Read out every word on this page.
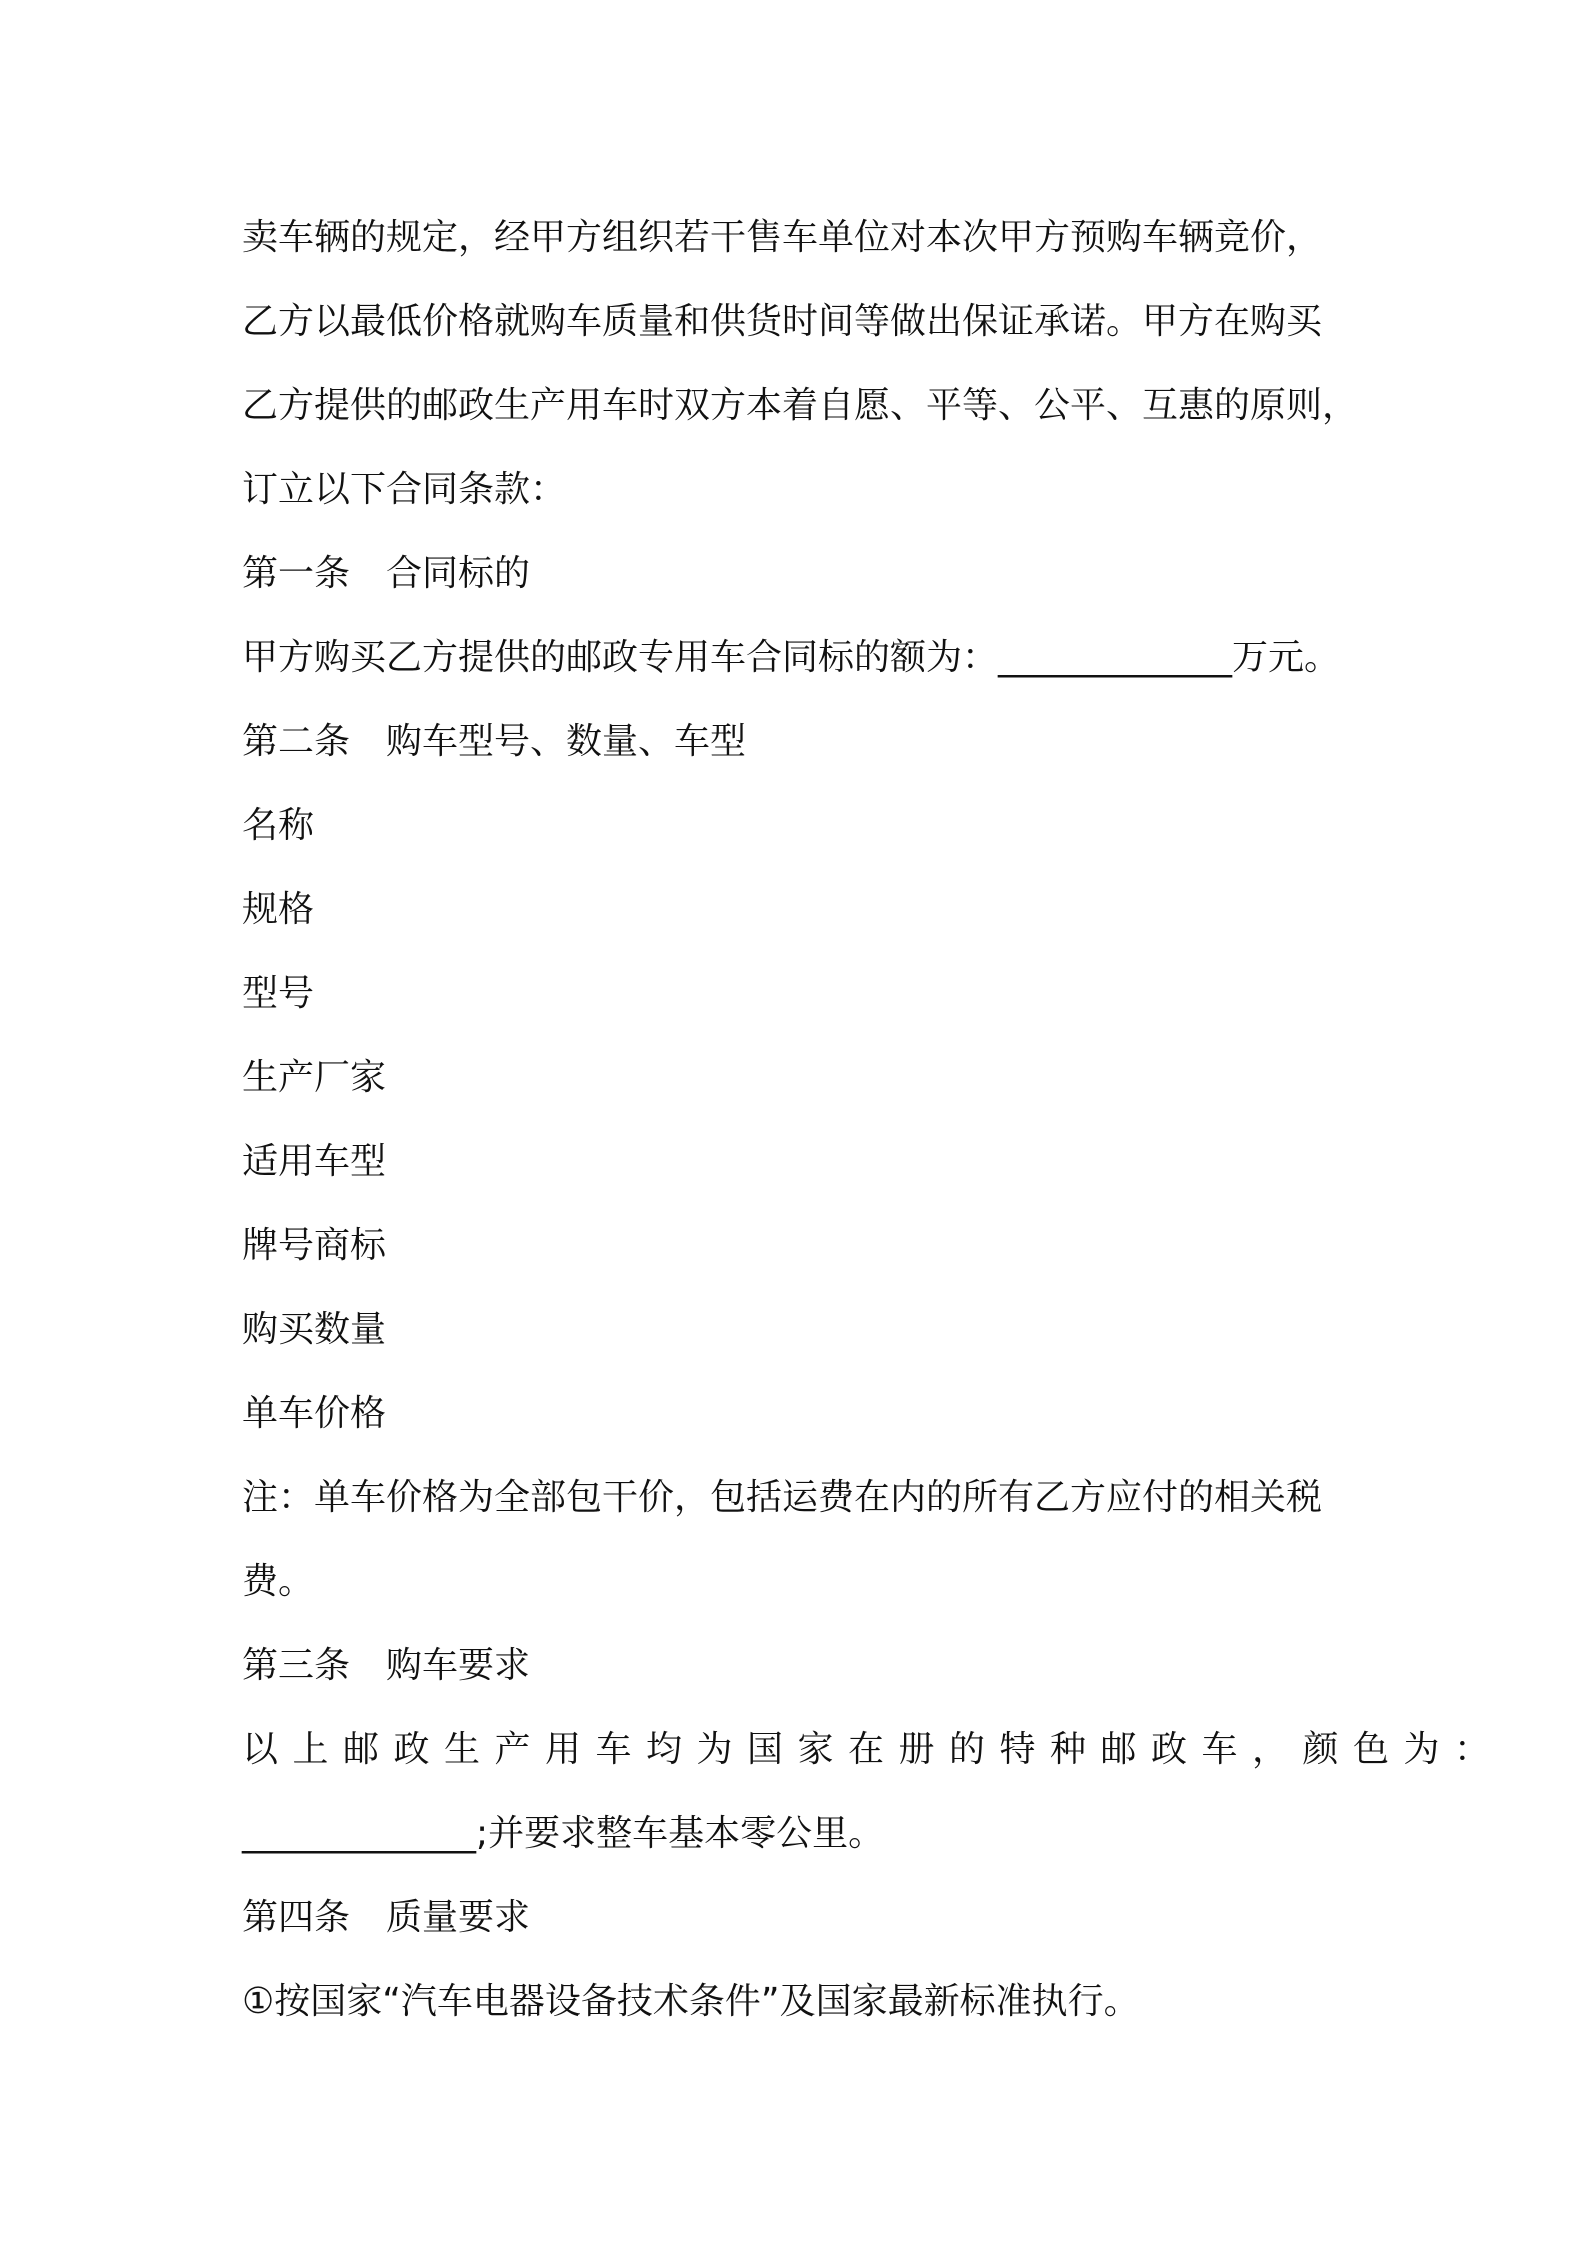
卖车辆的规定，经甲方组织若干售车单位对本次甲方预购车辆竞价，

乙方以最低价格就购车质量和供货时间等做出保证承诺。甲方在购买

乙方提供的邮政生产用车时双方本着自愿、平等、公平、互惠的原则，

订立以下合同条款：

第一条　合同标的

甲方购买乙方提供的邮政专用车合同标的额为：_____________万元。

第二条　购车型号、数量、车型

名称

规格

型号

生产厂家

适用车型

牌号商标

购买数量

单车价格

注：单车价格为全部包干价，包括运费在内的所有乙方应付的相关税

费。

第三条　购车要求

以上邮政生产用车均为国家在册的特种邮政车，颜色为：

_____________;并要求整车基本零公里。

第四条　质量要求

①按国家“汽车电器设备技术条件”及国家最新标准执行。
